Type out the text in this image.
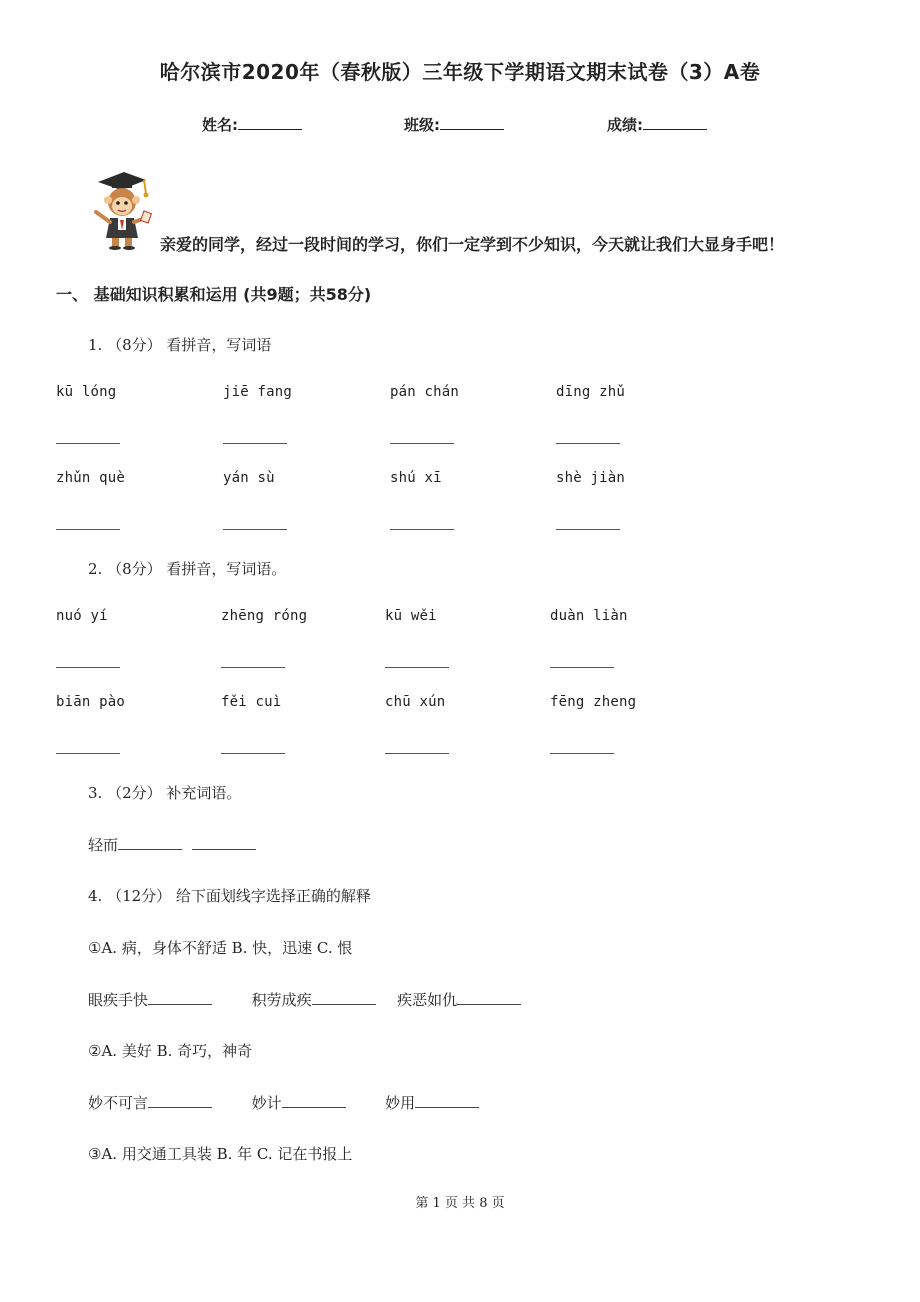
哈尔滨市2020年（春秋版）三年级下学期语文期末试卷（3）A卷
姓名:	班级:	成绩:
亲爱的同学，经过一段时间的学习，你们一定学到不少知识，今天就让我们大显身手吧！
一、 基础知识积累和运用 (共9题；共58分)
1. （8分） 看拼音，写词语
kū lóng	jiē fang	pán chán	dīng zhǔ
zhǔn què	yán sù	shú xī	shè jiàn
2. （8分） 看拼音，写词语。
nuó yí	zhēng róng	kū wěi	duàn liàn
biān pào	fěi cuì	chū xún	fēng zheng
3. （2分） 补充词语。
轻而
4. （12分） 给下面划线字选择正确的解释
①A. 病，身体不舒适 B. 快，迅速 C. 恨
眼疾手快	积劳成疾	疾恶如仇
②A. 美好 B. 奇巧，神奇
妙不可言	妙计	妙用
③A. 用交通工具装 B. 年 C. 记在书报上
第 1 页 共 8 页
